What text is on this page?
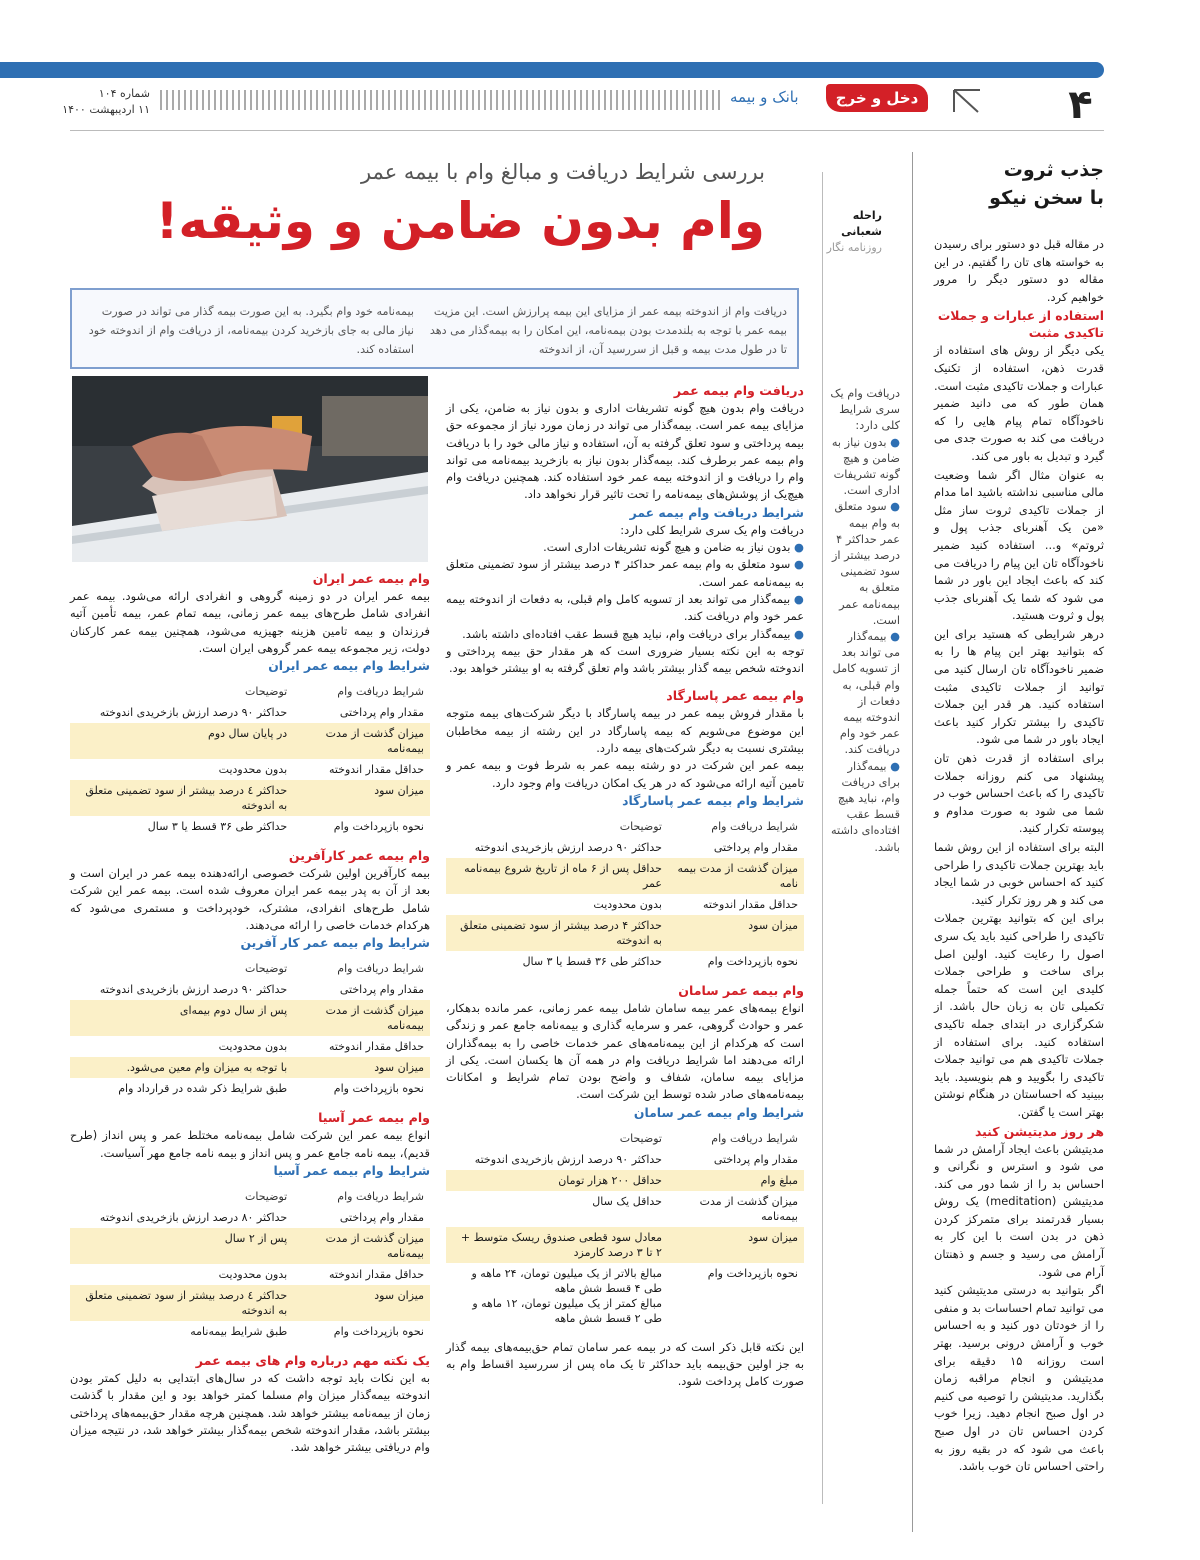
۴
دخل و خرج
بانک و بیمه
شماره ۱۰۴
۱۱ اردیبهشت ۱۴۰۰
جذب ثروت
با سخن نیکو

در مقاله قبل دو دستور برای رسیدن به خواسته های تان را گفتیم. در این مقاله دو دستور دیگر را مرور خواهیم کرد.

استفاده از عبارات و جملات تاکیدی مثبت

یکی دیگر از روش های استفاده از قدرت ذهن، استفاده از تکنیک عبارات و جملات تاکیدی مثبت است. همان طور که می دانید ضمیر ناخودآگاه تمام پیام هایی را که دریافت می کند به صورت جدی می گیرد و تبدیل به باور می کند.

به عنوان مثال اگر شما وضعیت مالی مناسبی نداشته باشید اما مدام از جملات تاکیدی ثروت ساز مثل «من یک آهنربای جذب پول و ثروتم» و... استفاده کنید ضمیر ناخودآگاه تان این پیام را دریافت می کند که باعث ایجاد این باور در شما می شود که شما یک آهنربای جذب پول و ثروت هستید.

درهر شرایطی که هستید برای این که بتوانید بهتر این پیام ها را به ضمیر ناخودآگاه تان ارسال کنید می توانید از جملات تاکیدی مثبت استفاده کنید. هر قدر این جملات تاکیدی را بیشتر تکرار کنید باعث ایجاد باور در شما می شود.

برای استفاده از قدرت ذهن تان پیشنهاد می کنم روزانه جملات تاکیدی را که باعث احساس خوب در شما می شود به صورت مداوم و پیوسته تکرار کنید.

البته برای استفاده از این روش شما باید بهترین جملات تاکیدی را طراحی کنید که احساس خوبی در شما ایجاد می کند و هر روز تکرار کنید.

برای این که بتوانید بهترین جملات تاکیدی را طراحی کنید باید یک سری اصول را رعایت کنید. اولین اصل برای ساخت و طراحی جملات کلیدی این است که حتماً جمله تکمیلی تان به زبان حال باشد. از شکرگزاری در ابتدای جمله تاکیدی استفاده کنید. برای استفاده از جملات تاکیدی هم می توانید جملات تاکیدی را بگویید و هم بنویسید. باید ببینید که احساستان در هنگام نوشتن بهتر است یا گفتن.

هر روز مدیتیشن کنید

مدیتیشن باعث ایجاد آرامش در شما می شود و استرس و نگرانی و احساس بد را از شما دور می کند. مدیتیشن (meditation) یک روش بسیار قدرتمند برای متمرکز کردن ذهن در بدن است با این کار به آرامش می رسید و جسم و ذهنتان آرام می شود.

اگر بتوانید به درستی مدیتیشن کنید می توانید تمام احساسات بد و منفی را از خودتان دور کنید و به احساس خوب و آرامش درونی برسید. بهتر است روزانه ۱۵ دقیقه برای مدیتیشن و انجام مراقبه زمان بگذارید. مدیتیشن را توصیه می کنیم در اول صبح انجام دهید. زیرا خوب کردن احساس تان در اول صبح باعث می شود که در بقیه روز به راحتی احساس تان خوب باشد.

راحله شعبانی
روزنامه نگار
دریافت وام یک سری شرایط کلی دارد:
● بدون نیاز به ضامن و هیچ گونه تشریفات اداری است.
● سود متعلق به وام بیمه عمر حداکثر ۴ درصد بیشتر از سود تضمینی متعلق به بیمه‌نامه عمر است.
● بیمه‌گذار می تواند بعد از تسویه کامل وام قبلی، به دفعات از اندوخته بیمه عمر خود وام دریافت کند.
● بیمه‌گذار برای دریافت وام، نباید هیچ قسط عقب افتاده‌ای داشته باشد.
بررسی شرایط دریافت و مبالغ وام با بیمه عمر
وام بدون ضامن و وثیقه!
دریافت وام از اندوخته بیمه عمر از مزایای این بیمه پرارزش است. این مزیت بیمه عمر با توجه به بلندمدت بودن بیمه‌نامه، این امکان را به بیمه‌گذار می دهد تا در طول مدت بیمه و قبل از سررسید آن، از اندوخته
بیمه‌نامه خود وام بگیرد. به این صورت بیمه گذار می تواند در صورت نیاز مالی به جای بازخرید کردن بیمه‌نامه، از دریافت وام از اندوخته خود استفاده کند.
دریافت وام بیمه عمر

دریافت وام بدون هیچ گونه تشریفات اداری و بدون نیاز به ضامن، یکی از مزایای بیمه عمر است. بیمه‌گذار می تواند در زمان مورد نیاز از مجموعه حق بیمه پرداختی و سود تعلق گرفته به آن، استفاده و نیاز مالی خود را با دریافت وام بیمه عمر برطرف کند. بیمه‌گذار بدون نیاز به بازخرید بیمه‌نامه می تواند وام را دریافت و از اندوخته بیمه عمر خود استفاده کند. همچنین دریافت وام هیچ‌یک از پوشش‌های بیمه‌نامه را تحت تاثیر قرار نخواهد داد.

شرایط دریافت وام بیمه عمر

دریافت وام یک سری شرایط کلی دارد:

● بدون نیاز به ضامن و هیچ گونه تشریفات اداری است.

● سود متعلق به وام بیمه عمر حداکثر ۴ درصد بیشتر از سود تضمینی متعلق به بیمه‌نامه عمر است.

● بیمه‌گذار می تواند بعد از تسویه کامل وام قبلی، به دفعات از اندوخته بیمه عمر خود وام دریافت کند.

● بیمه‌گذار برای دریافت وام، نباید هیچ قسط عقب افتاده‌ای داشته باشد.

توجه به این نکته بسیار ضروری است که هر مقدار حق بیمه پرداختی و اندوخته شخص بیمه گذار بیشتر باشد وام تعلق گرفته به او بیشتر خواهد بود.

وام بیمه عمر پاسارگاد

با مقدار فروش بیمه عمر در بیمه پاسارگاد با دیگر شرکت‌های بیمه متوجه این موضوع می‌شویم که بیمه پاسارگاد در این رشته از بیمه مخاطبان بیشتری نسبت به دیگر شرکت‌های بیمه دارد.

بیمه عمر این شرکت در دو رشته بیمه عمر به شرط فوت و بیمه عمر و تامین آتیه ارائه می‌شود که در هر یک امکان دریافت وام وجود دارد.

شرایط وام بیمه عمر پاسارگاد
شرایط دریافت وام	توضیحات
مقدار وام پرداختی	حداکثر ۹۰ درصد ارزش بازخریدی اندوخته
میزان گذشت از مدت بیمه نامه	حداقل پس از ۶ ماه از تاریخ شروع بیمه‌نامه عمر
حداقل مقدار اندوخته	بدون محدودیت
میزان سود	حداکثر ۴ درصد بیشتر از سود تضمینی متعلق به اندوخته
نحوه بازپرداخت وام	حداکثر طی ۳۶ قسط یا ۳ سال
وام بیمه عمر سامان

انواع بیمه‌های عمر بیمه سامان شامل بیمه عمر زمانی، عمر مانده بدهکار، عمر و حوادث گروهی، عمر و سرمایه گذاری و بیمه‌نامه جامع عمر و زندگی است که هرکدام از این بیمه‌نامه‌های عمر خدمات خاصی را به بیمه‌گذاران ارائه می‌دهند اما شرایط دریافت وام در همه آن ها یکسان است. یکی از مزایای بیمه سامان، شفاف و واضح بودن تمام شرایط و امکانات بیمه‌نامه‌های صادر شده توسط این شرکت است.

شرایط وام بیمه عمر سامان
شرایط دریافت وام	توضیحات
مقدار وام پرداختی	حداکثر ۹۰ درصد ارزش بازخریدی اندوخته
مبلغ وام	حداقل ۲۰۰ هزار تومان
میزان گذشت از مدت بیمه‌نامه	حداقل یک سال
میزان سود	معادل سود قطعی صندوق ریسک متوسط + ۲ تا ۳ درصد کارمزد
نحوه بازپرداخت وام	مبالغ بالاتر از یک میلیون تومان، ۲۴ ماهه و طی ۴ قسط شش ماهه
مبالغ کمتر از یک میلیون تومان، ۱۲ ماهه و طی ۲ قسط شش ماهه

این نکته قابل ذکر است که در بیمه عمر سامان تمام حق‌بیمه‌های بیمه گذار به جز اولین حق‌بیمه باید حداکثر تا یک ماه پس از سررسید اقساط وام به صورت کامل پرداخت شود.

وام بیمه عمر ایران

بیمه عمر ایران در دو زمینه گروهی و انفرادی ارائه می‌شود. بیمه عمر انفرادی شامل طرح‌های بیمه عمر زمانی، بیمه تمام عمر، بیمه تأمین آتیه فرزندان و بیمه تامین هزینه جهیزیه می‌شود، همچنین بیمه عمر کارکنان دولت، زیر مجموعه بیمه عمر گروهی ایران است.

شرایط وام بیمه عمر ایران
شرایط دریافت وام	توضیحات
مقدار وام پرداختی	حداکثر ۹۰ درصد ارزش بازخریدی اندوخته
میزان گذشت از مدت بیمه‌نامه	در پایان سال دوم
حداقل مقدار اندوخته	بدون محدودیت
میزان سود	حداکثر ٤ درصد بیشتر از سود تضمینی متعلق به اندوخته
نحوه بازپرداخت وام	حداکثر طی ۳۶ قسط یا ۳ سال
وام بیمه عمر کارآفرین

بیمه کارآفرین اولین شرکت خصوصی ارائه‌دهنده بیمه عمر در ایران است و بعد از آن به پدر بیمه عمر ایران معروف شده است. بیمه عمر این شرکت شامل طرح‌های انفرادی، مشترک، خودپرداخت و مستمری می‌شود که هرکدام خدمات خاصی را ارائه می‌دهند.

شرایط وام بیمه عمر کار آفرین
شرایط دریافت وام	توضیحات
مقدار وام پرداختی	حداکثر ۹۰ درصد ارزش بازخریدی اندوخته
میزان گذشت از مدت بیمه‌نامه	پس از سال دوم بیمه‌ای
حداقل مقدار اندوخته	بدون محدودیت
میزان سود	با توجه به میزان وام معین می‌شود.
نحوه بازپرداخت وام	طبق شرایط ذکر شده در قرارداد وام
وام بیمه عمر آسیا

انواع بیمه عمر این شرکت شامل بیمه‌نامه مختلط عمر و پس انداز (طرح قدیم)، بیمه نامه جامع عمر و پس انداز و بیمه نامه جامع مهر آسیاست.

شرایط وام بیمه عمر آسیا
شرایط دریافت وام	توضیحات
مقدار وام پرداختی	حداکثر ۸۰ درصد ارزش بازخریدی اندوخته
میزان گذشت از مدت بیمه‌نامه	پس از ۲ سال
حداقل مقدار اندوخته	بدون محدودیت
میزان سود	حداکثر ٤ درصد بیشتر از سود تضمینی متعلق به اندوخته
نحوه بازپرداخت وام	طبق شرایط بیمه‌نامه
یک نکته مهم درباره وام های بیمه عمر

به این نکات باید توجه داشت که در سال‌های ابتدایی به دلیل کمتر بودن اندوخته بیمه‌گذار میزان وام مسلما کمتر خواهد بود و این مقدار با گذشت زمان از بیمه‌نامه بیشتر خواهد شد. همچنین هرچه مقدار حق‌بیمه‌های پرداختی بیشتر باشد، مقدار اندوخته شخص بیمه‌گذار بیشتر خواهد شد، در نتیجه میزان وام دریافتی بیشتر خواهد شد.
